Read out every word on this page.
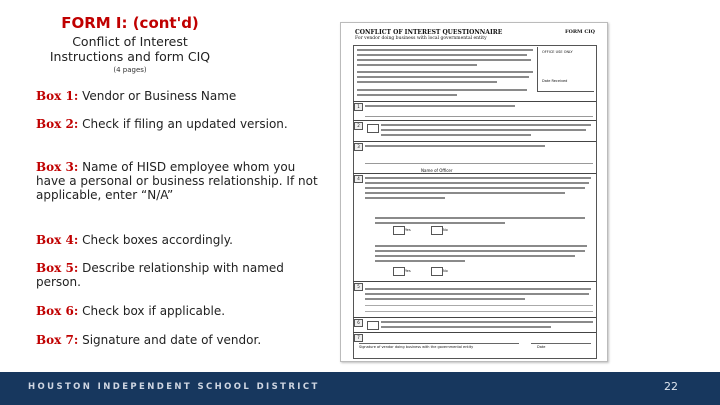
FORM I: (cont'd)
Conflict of Interest
Instructions and form CIQ
(4 pages)
Box 1: Vendor or Business Name
Box 2: Check if filing an updated version.
Box 3: Name of HISD employee whom you have a personal or business relationship. If not applicable, enter “N/A”
Box 4: Check boxes accordingly.
Box 5: Describe relationship with named person.
Box 6: Check box if applicable.
Box 7: Signature and date of vendor.
CONFLICT OF INTEREST QUESTIONNAIRE
For vendor doing business with local governmental entity
FORM CIQ
OFFICE USE ONLY
Date Received
1
2
3
Name of Officer
4
Yes	No
Yes	No
5
6
7
Signature of vendor doing business with the governmental entity	Date
HOUSTON INDEPENDENT SCHOOL DISTRICT	22
